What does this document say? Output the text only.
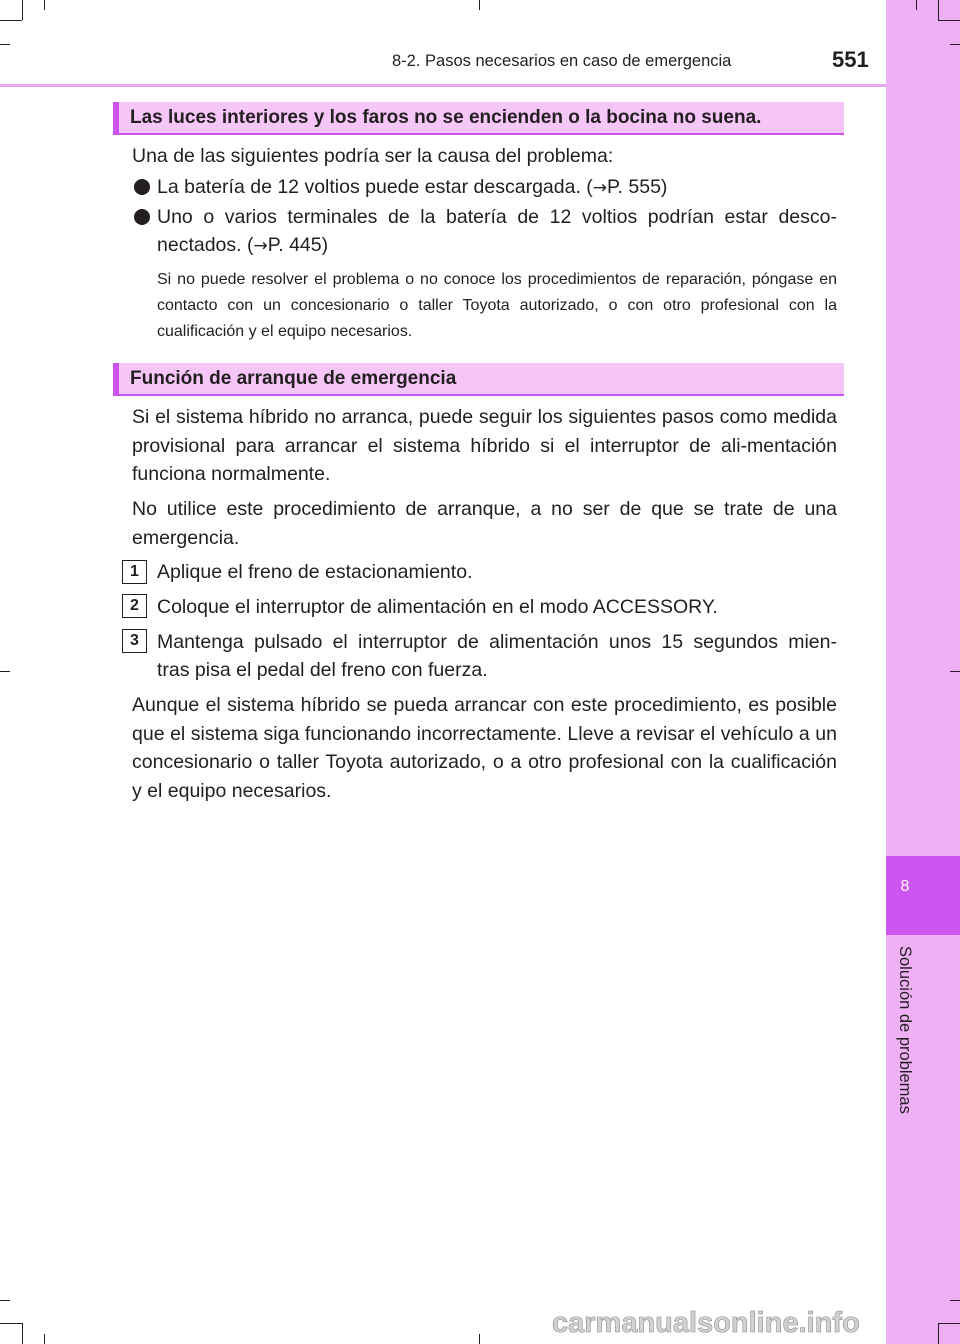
8
Solución de problemas
8-2. Pasos necesarios en caso de emergencia	551
Las luces interiores y los faros no se encienden o la bocina no suena.
Una de las siguientes podría ser la causa del problema:
La batería de 12 voltios puede estar descargada. (→P. 555)
Uno o varios terminales de la batería de 12 voltios podrían estar desco-
nectados. (→P. 445)
Si no puede resolver el problema o no conoce los procedimientos de reparación, póngase en contacto con un concesionario o taller Toyota autorizado, o con otro profesional con la cualificación y el equipo necesarios.
Función de arranque de emergencia
Si el sistema híbrido no arranca, puede seguir los siguientes pasos como medida provisional para arrancar el sistema híbrido si el interruptor de ali-mentación funciona normalmente.
No utilice este procedimiento de arranque, a no ser de que se trate de una emergencia.
1 Aplique el freno de estacionamiento.
2 Coloque el interruptor de alimentación en el modo ACCESSORY.
3 Mantenga pulsado el interruptor de alimentación unos 15 segundos mien-
tras pisa el pedal del freno con fuerza.
Aunque el sistema híbrido se pueda arrancar con este procedimiento, es posible que el sistema siga funcionando incorrectamente. Lleve a revisar el vehículo a un concesionario o taller Toyota autorizado, o a otro profesional con la cualificación y el equipo necesarios.
carmanualsonline.info
